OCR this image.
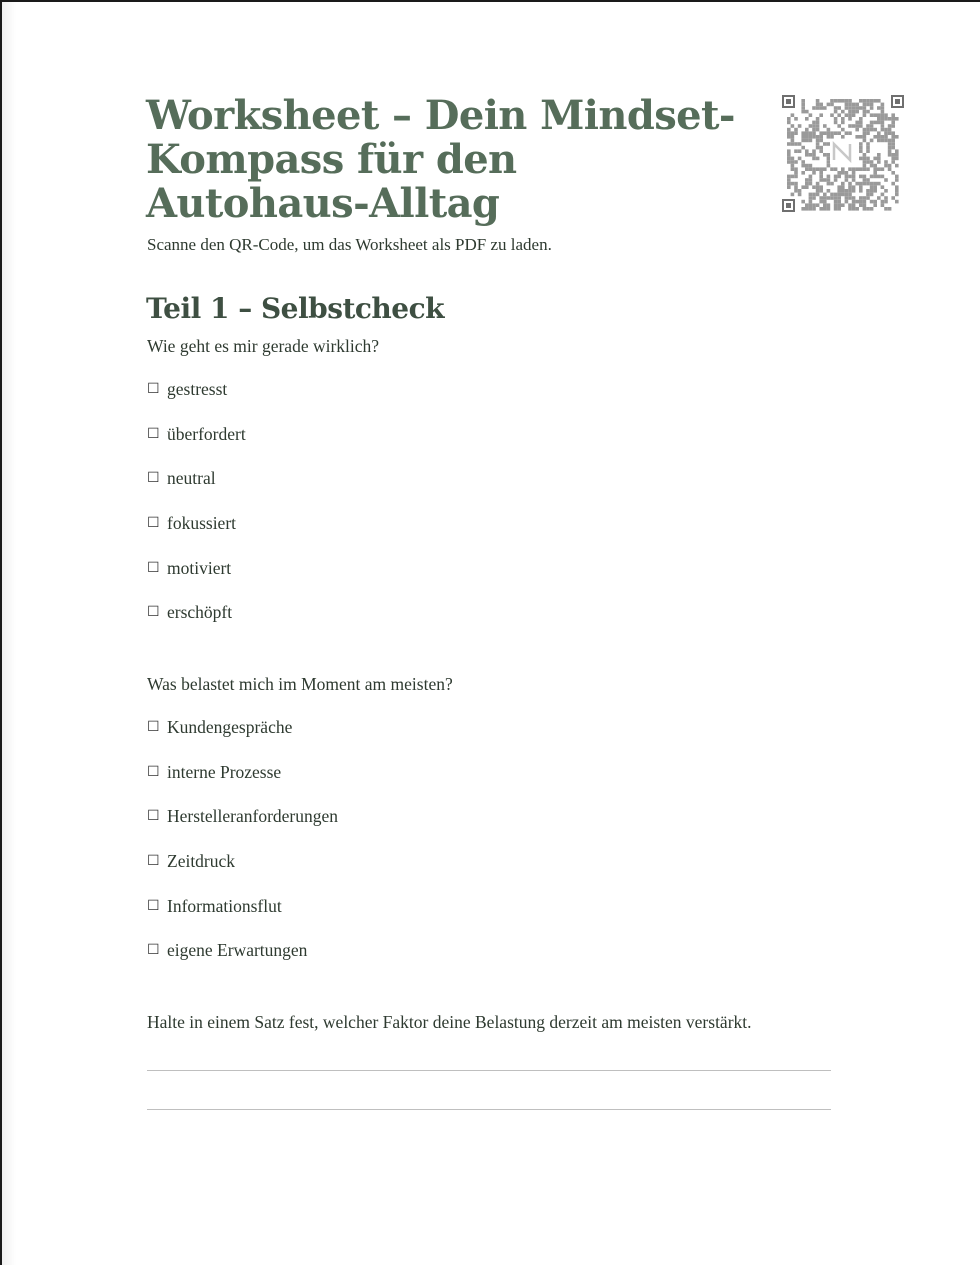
Worksheet – Dein Mindset-Kompass für den Autohaus-Alltag

Scanne den QR-Code, um das Worksheet als PDF zu laden.

Teil 1 – Selbstcheck

Wie geht es mir gerade wirklich?

☐ gestresst
☐ überfordert
☐ neutral
☐ fokussiert
☐ motiviert
☐ erschöpft

Was belastet mich im Moment am meisten?

☐ Kundengespräche
☐ interne Prozesse
☐ Herstelleranforderungen
☐ Zeitdruck
☐ Informationsflut
☐ eigene Erwartungen

Halte in einem Satz fest, welcher Faktor deine Belastung derzeit am meisten verstärkt.
